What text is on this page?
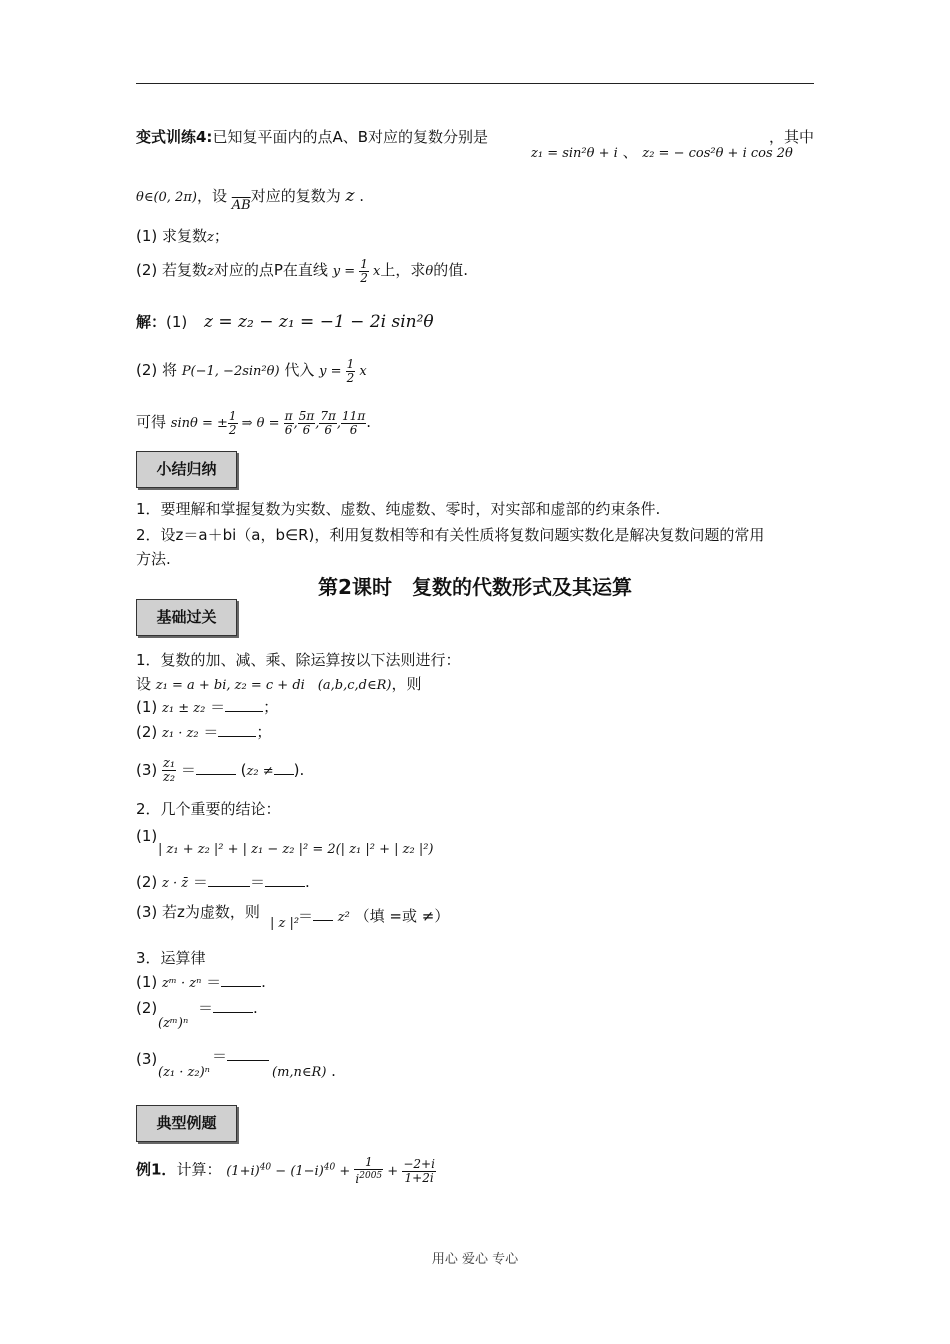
变式训练4:已知复平面内的点A、B对应的复数分别是
z₁ = sin²θ + i 、 z₂ = − cos²θ + i cos 2θ
，其中
θ∈(0, 2π)，设 $\overline{AB}$对应的复数为 z .
(1) 求复数z；
(2) 若复数z对应的点P在直线 $y = \frac{1}{2}$ x上，求θ的值.
解：(1) z = z₂ − z₁ = −1 − 2i sin²θ
(2) 将 P(−1, −2sin²θ) 代入 $y = \frac{1}{2}$ x
可得 sinθ = ± $\frac{1}{2}$ ⇒ $\theta = \frac{\pi}{6}$ , $\frac{5\pi}{6}$ , $\frac{7\pi}{6}$ , $\frac{11\pi}{6}$ .
小结归纳
1．要理解和掌握复数为实数、虚数、纯虚数、零时，对实部和虚部的约束条件.
2．设z＝a＋bi（a，b∈R)，利用复数相等和有关性质将复数问题实数化是解决复数问题的常用
方法.
第2课时　复数的代数形式及其运算
基础过关
1．复数的加、减、乘、除运算按以下法则进行：
设 z₁ = a + bi, z₂ = c + di　(a,b,c,d∈R)，则
(1) z₁ ± z₂ ＝	；
(2) z₁ · z₂ ＝	；
$(3) \frac{\text{z₁}}{\text{z₂}}$ ＝	(z₂ ≠ ).
2．几个重要的结论：
(1)
| z₁ + z₂ |² + | z₁ − z₂ |² = 2(| z₁ |² + | z₂ |²)
(2) z · z̄ ＝	＝	.
(3) 若z为虚数，则
| z |²
＝ z² （填 =或 ≠）
3．运算律
(1) zᵐ · zⁿ ＝	.
(2)
(zᵐ)ⁿ
＝	.
(3)
(z₁ · z₂)ⁿ
＝
(m,n∈R) .
典型例题
例1．计算： $(1+i)^{40} - (1-i)^{40} + \frac{1}{i^{2005}} + \frac{-2+i}{1+2i}$
用心 爱心 专心
